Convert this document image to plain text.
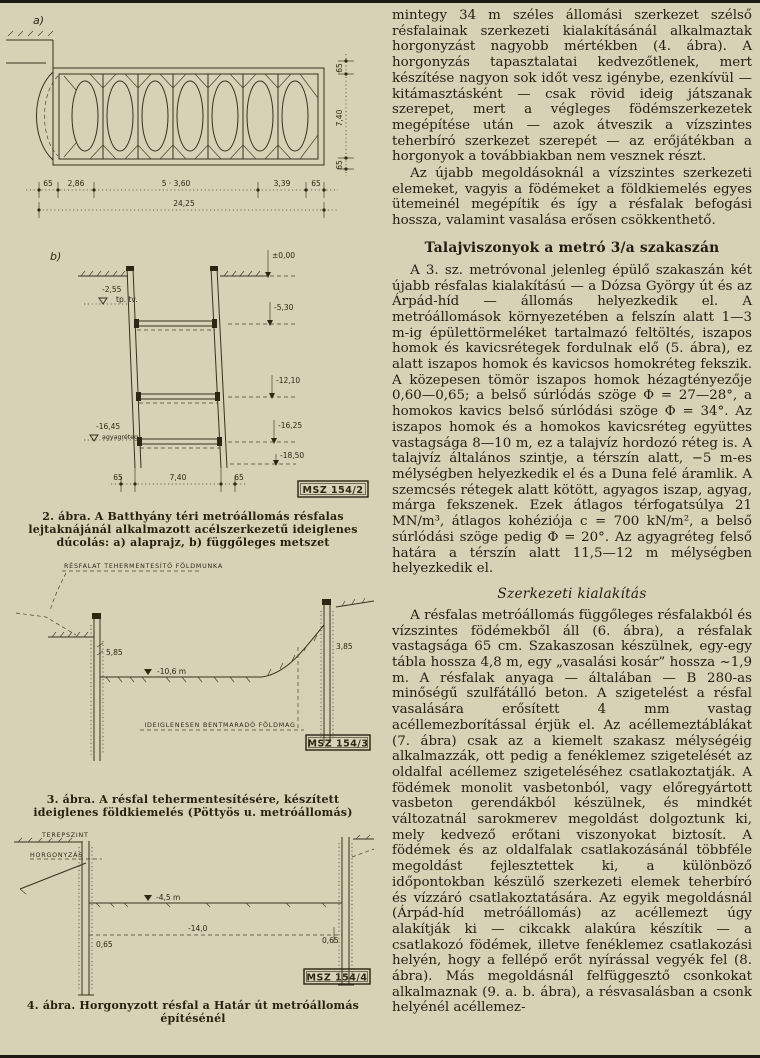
a)
65 2,86	5 · 3,60	3,39	65
24,25
65
7,40
65
b)	±0,00
-5,30
-12,10
-16,25
-18,50
-2,55
tp. tv.
-16,45
agyagréteg
65	7,40	65
MSZ 154/2
2. ábra. A Batthyány téri metróállomás résfalas lejtaknájánál alkalmazott acélszerkezetű ideiglenes dúcolás: a) alaprajz, b) függőleges metszet
RÉSFALAT TEHERMENTESÍTŐ FÖLDMUNKA
-10,6 m
5,85
3,85
IDEIGLENESEN BENTMARADÓ FÖLDMAG
MSZ 154/3
3. ábra. A résfal tehermentesítésére, készített ideiglenes földkiemelés (Pöttyös u. metróállomás)
TEREPSZINT
HORGONYZÁS
-4,5 m
-14,0
0,65	0,65
MSZ 154/4
4. ábra. Horgonyzott résfal a Határ út metróállomás építésénél

mintegy 34 m széles állomási szerkezet szélső résfalainak szerkezeti kialakításánál alkalmaztak horgonyzást nagyobb mértékben (4. ábra). A horgonyzás tapasztalatai kedvezőtlenek, mert készítése nagyon sok időt vesz igénybe, ezenkívül — kitámasztásként — csak rövid ideig játszanak szerepet, mert a végleges födémszerkezetek megépítése után — azok átveszik a vízszintes teherbíró szerkezet szerepét — az erőjátékban a horgonyok a továbbiakban nem vesznek részt.

Az újabb megoldásoknál a vízszintes szerkezeti elemeket, vagyis a födémeket a földkiemelés egyes ütemeinél megépítik és így a résfalak befogási hossza, valamint vasalása erősen csökkenthető.

Talajviszonyok a metró 3/a szakaszán

A 3. sz. metróvonal jelenleg épülő szakaszán két újabb résfalas kialakítású — a Dózsa György út és az Árpád-híd — állomás helyezkedik el. A metróállomások környezetében a felszín alatt 1—3 m-ig épülettörmeléket tartalmazó feltöltés, iszapos homok és kavicsrétegek fordulnak elő (5. ábra), ez alatt iszapos homok és kavicsos homokréteg fekszik. A közepesen tömör iszapos homok hézagtényezője 0,60—0,65; a belső súrlódás szöge Φ = 27—28°, a homokos kavics belső súrlódási szöge Φ = 34°. Az iszapos homok és a homokos kavicsréteg együttes vastagsága 8—10 m, ez a talajvíz hordozó réteg is. A talajvíz általános szintje, a térszín alatt, −5 m-es mélységben helyezkedik el és a Duna felé áramlik. A szemcsés rétegek alatt kötött, agyagos iszap, agyag, márga fekszenek. Ezek átlagos térfogatsúlya 21 MN/m³, átlagos kohéziója c = 700 kN/m², a belső súrlódási szöge pedig Φ = 20°. Az agyagréteg felső határa a térszín alatt 11,5—12 m mélységben helyezkedik el.

Szerkezeti kialakítás

A résfalas metróállomás függőleges résfalakból és vízszintes födémekből áll (6. ábra), a résfalak vastagsága 65 cm. Szakaszosan készülnek, egy-egy tábla hossza 4,8 m, egy „vasalási kosár” hossza ~1,9 m. A résfalak anyaga — általában — B 280-as minőségű szulfátálló beton. A szigetelést a résfal vasalására erősített 4 mm vastag acéllemezborítással érjük el. Az acéllemeztáblákat (7. ábra) csak az a kiemelt szakasz mélységéig alkalmazzák, ott pedig a fenéklemez szigetelését az oldalfal acéllemez szigeteléséhez csatlakoztatják. A födémek monolit vasbetonból, vagy előregyártott vasbeton gerendákból készülnek, és mindkét változatnál sarokmerev megoldást dolgoztunk ki, mely kedvező erőtani viszonyokat biztosít. A födémek és az oldalfalak csatlakozásánál többféle megoldást fejlesztettek ki, a különböző időpontokban készülő szerkezeti elemek teherbíró és vízzáró csatlakoztatására. Az egyik megoldásnál (Árpád-híd metróállomás) az acéllemezt úgy alakítják ki — cikcakk alakúra készítik — a csatlakozó födémek, illetve fenéklemez csatlakozási helyén, hogy a fellépő erőt nyírással vegyék fel (8. ábra). Más megoldásnál felfüggesztő csonkokat alkalmaznak (9. a. b. ábra), a résvasalásban a csonk helyénél acéllemez-
